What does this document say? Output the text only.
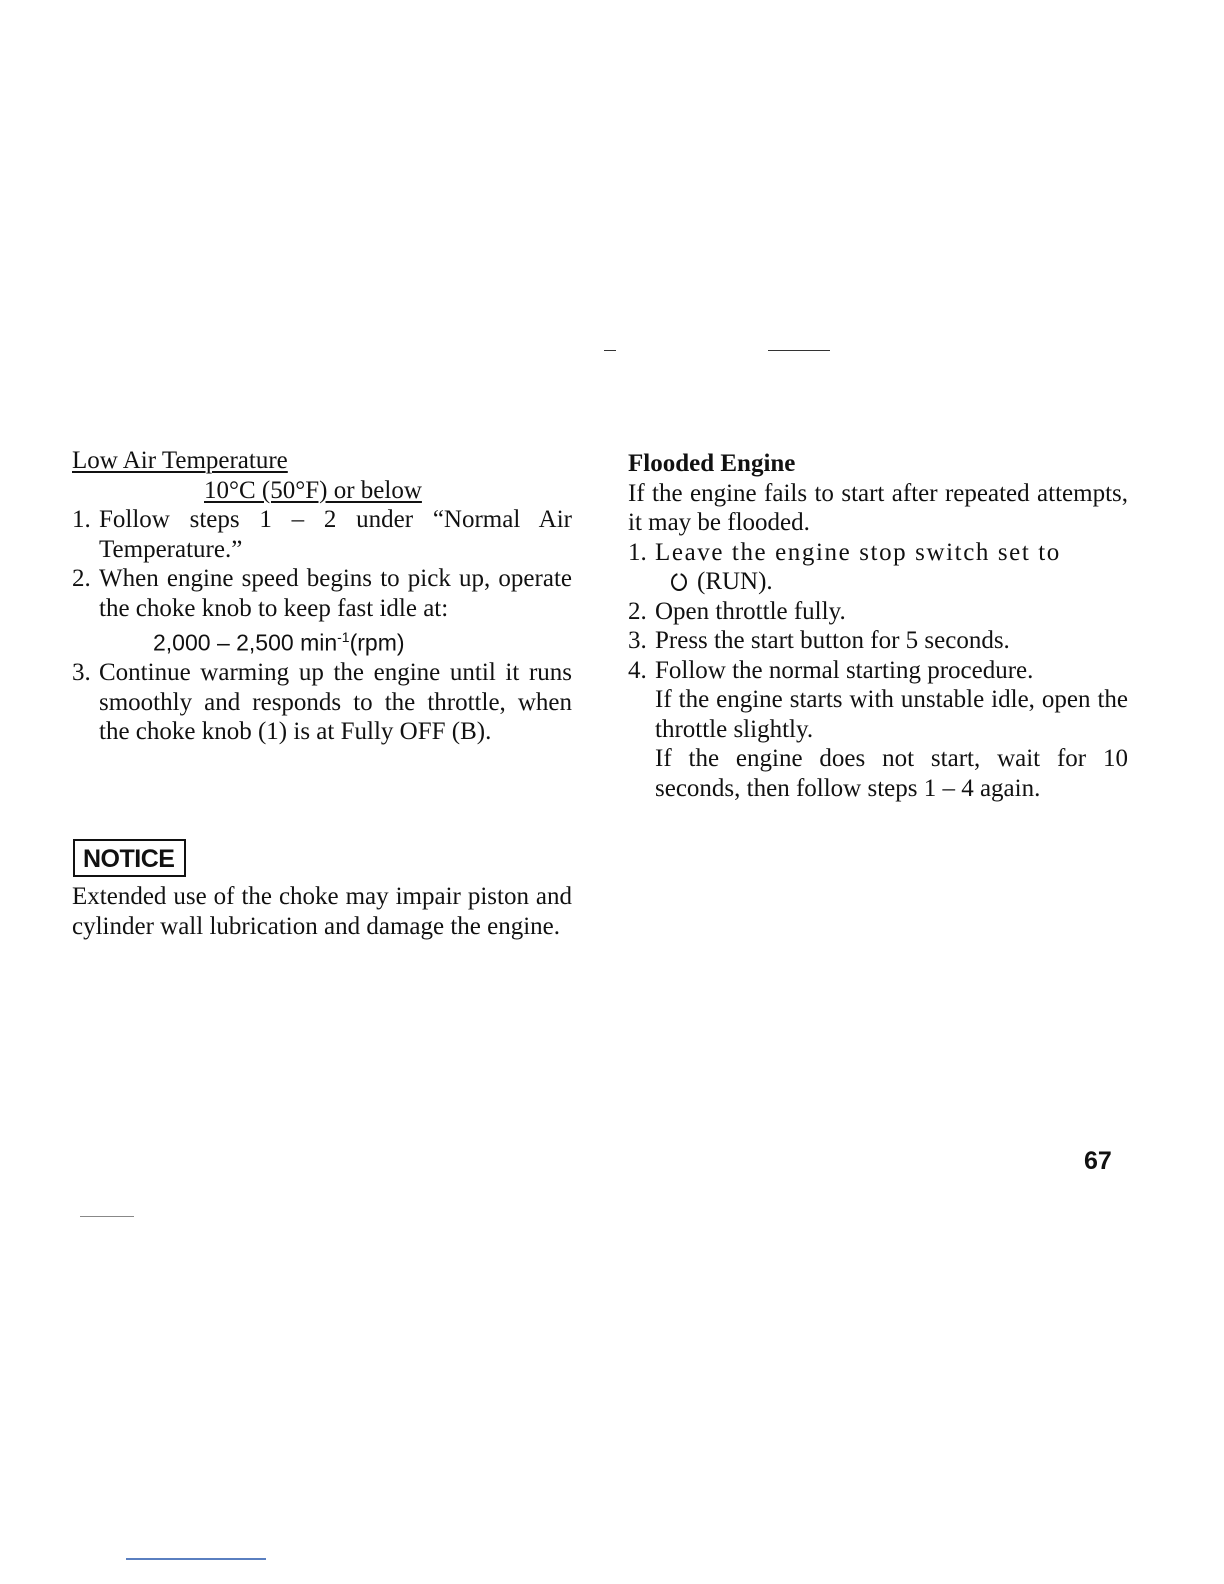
Low Air Temperature

10°C (50°F) or below

1. Follow steps 1 – 2 under “Normal Air Temperature.”
2. When engine speed begins to pick up, operate the choke knob to keep fast idle at:
2,000 – 2,500 $\min^{-1}(rpm)$
3. Continue warming up the engine until it runs smoothly and responds to the throttle, when the choke knob (1) is at Fully OFF (B).
NOTICE

Extended use of the choke may impair piston and cylinder wall lubrication and damage the engine.

Flooded Engine

If the engine fails to start after repeated attempts, it may be flooded.

1. Leave the engine stop switch set to
(RUN).
2. Open throttle fully.
3. Press the start button for 5 seconds.
4. Follow the normal starting procedure.

If the engine starts with unstable idle, open the throttle slightly.

If the engine does not start, wait for 10 seconds, then follow steps 1 – 4 again.

67
